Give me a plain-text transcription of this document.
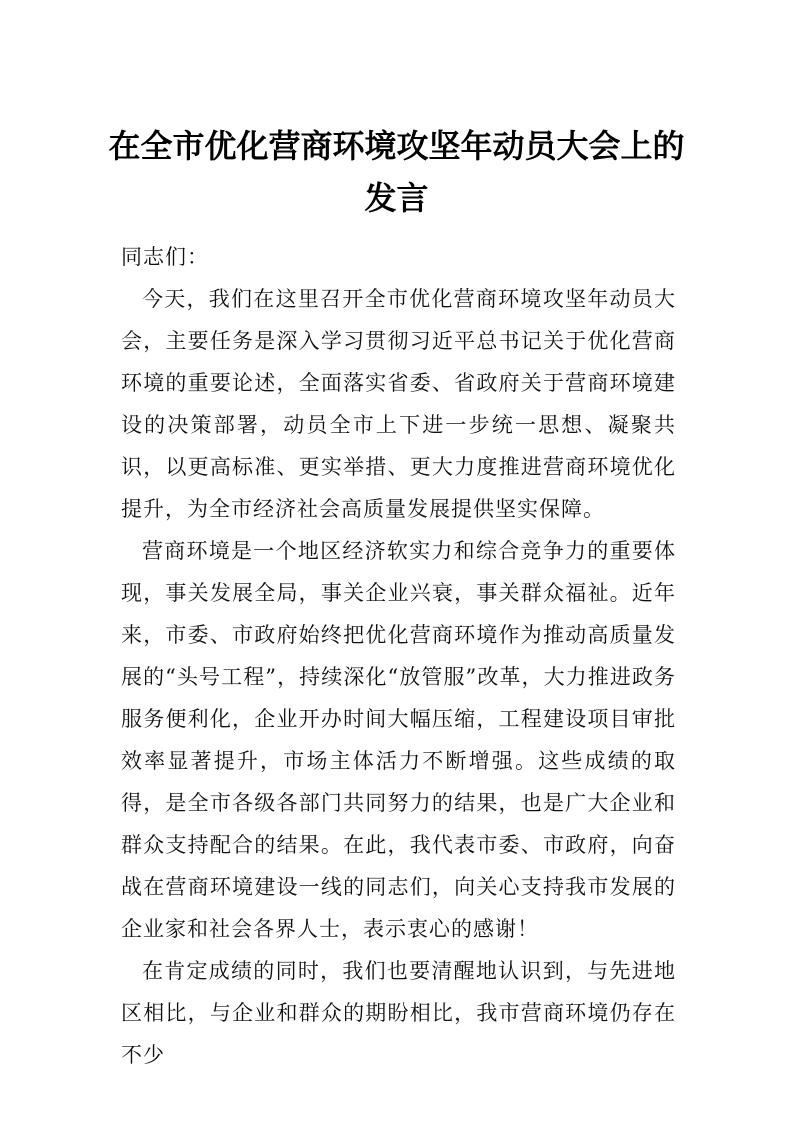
在全市优化营商环境攻坚年动员大会上的
发言

同志们：

今天，我们在这里召开全市优化营商环境攻坚年动员大会，主要任务是深入学习贯彻习近平总书记关于优化营商环境的重要论述，全面落实省委、省政府关于营商环境建设的决策部署，动员全市上下进一步统一思想、凝聚共识，以更高标准、更实举措、更大力度推进营商环境优化提升，为全市经济社会高质量发展提供坚实保障。

营商环境是一个地区经济软实力和综合竞争力的重要体现，事关发展全局，事关企业兴衰，事关群众福祉。近年来，市委、市政府始终把优化营商环境作为推动高质量发展的“头号工程”，持续深化“放管服”改革，大力推进政务服务便利化，企业开办时间大幅压缩，工程建设项目审批效率显著提升，市场主体活力不断增强。这些成绩的取得，是全市各级各部门共同努力的结果，也是广大企业和群众支持配合的结果。在此，我代表市委、市政府，向奋战在营商环境建设一线的同志们，向关心支持我市发展的企业家和社会各界人士，表示衷心的感谢！

在肯定成绩的同时，我们也要清醒地认识到，与先进地区相比，与企业和群众的期盼相比，我市营商环境仍存在不少
